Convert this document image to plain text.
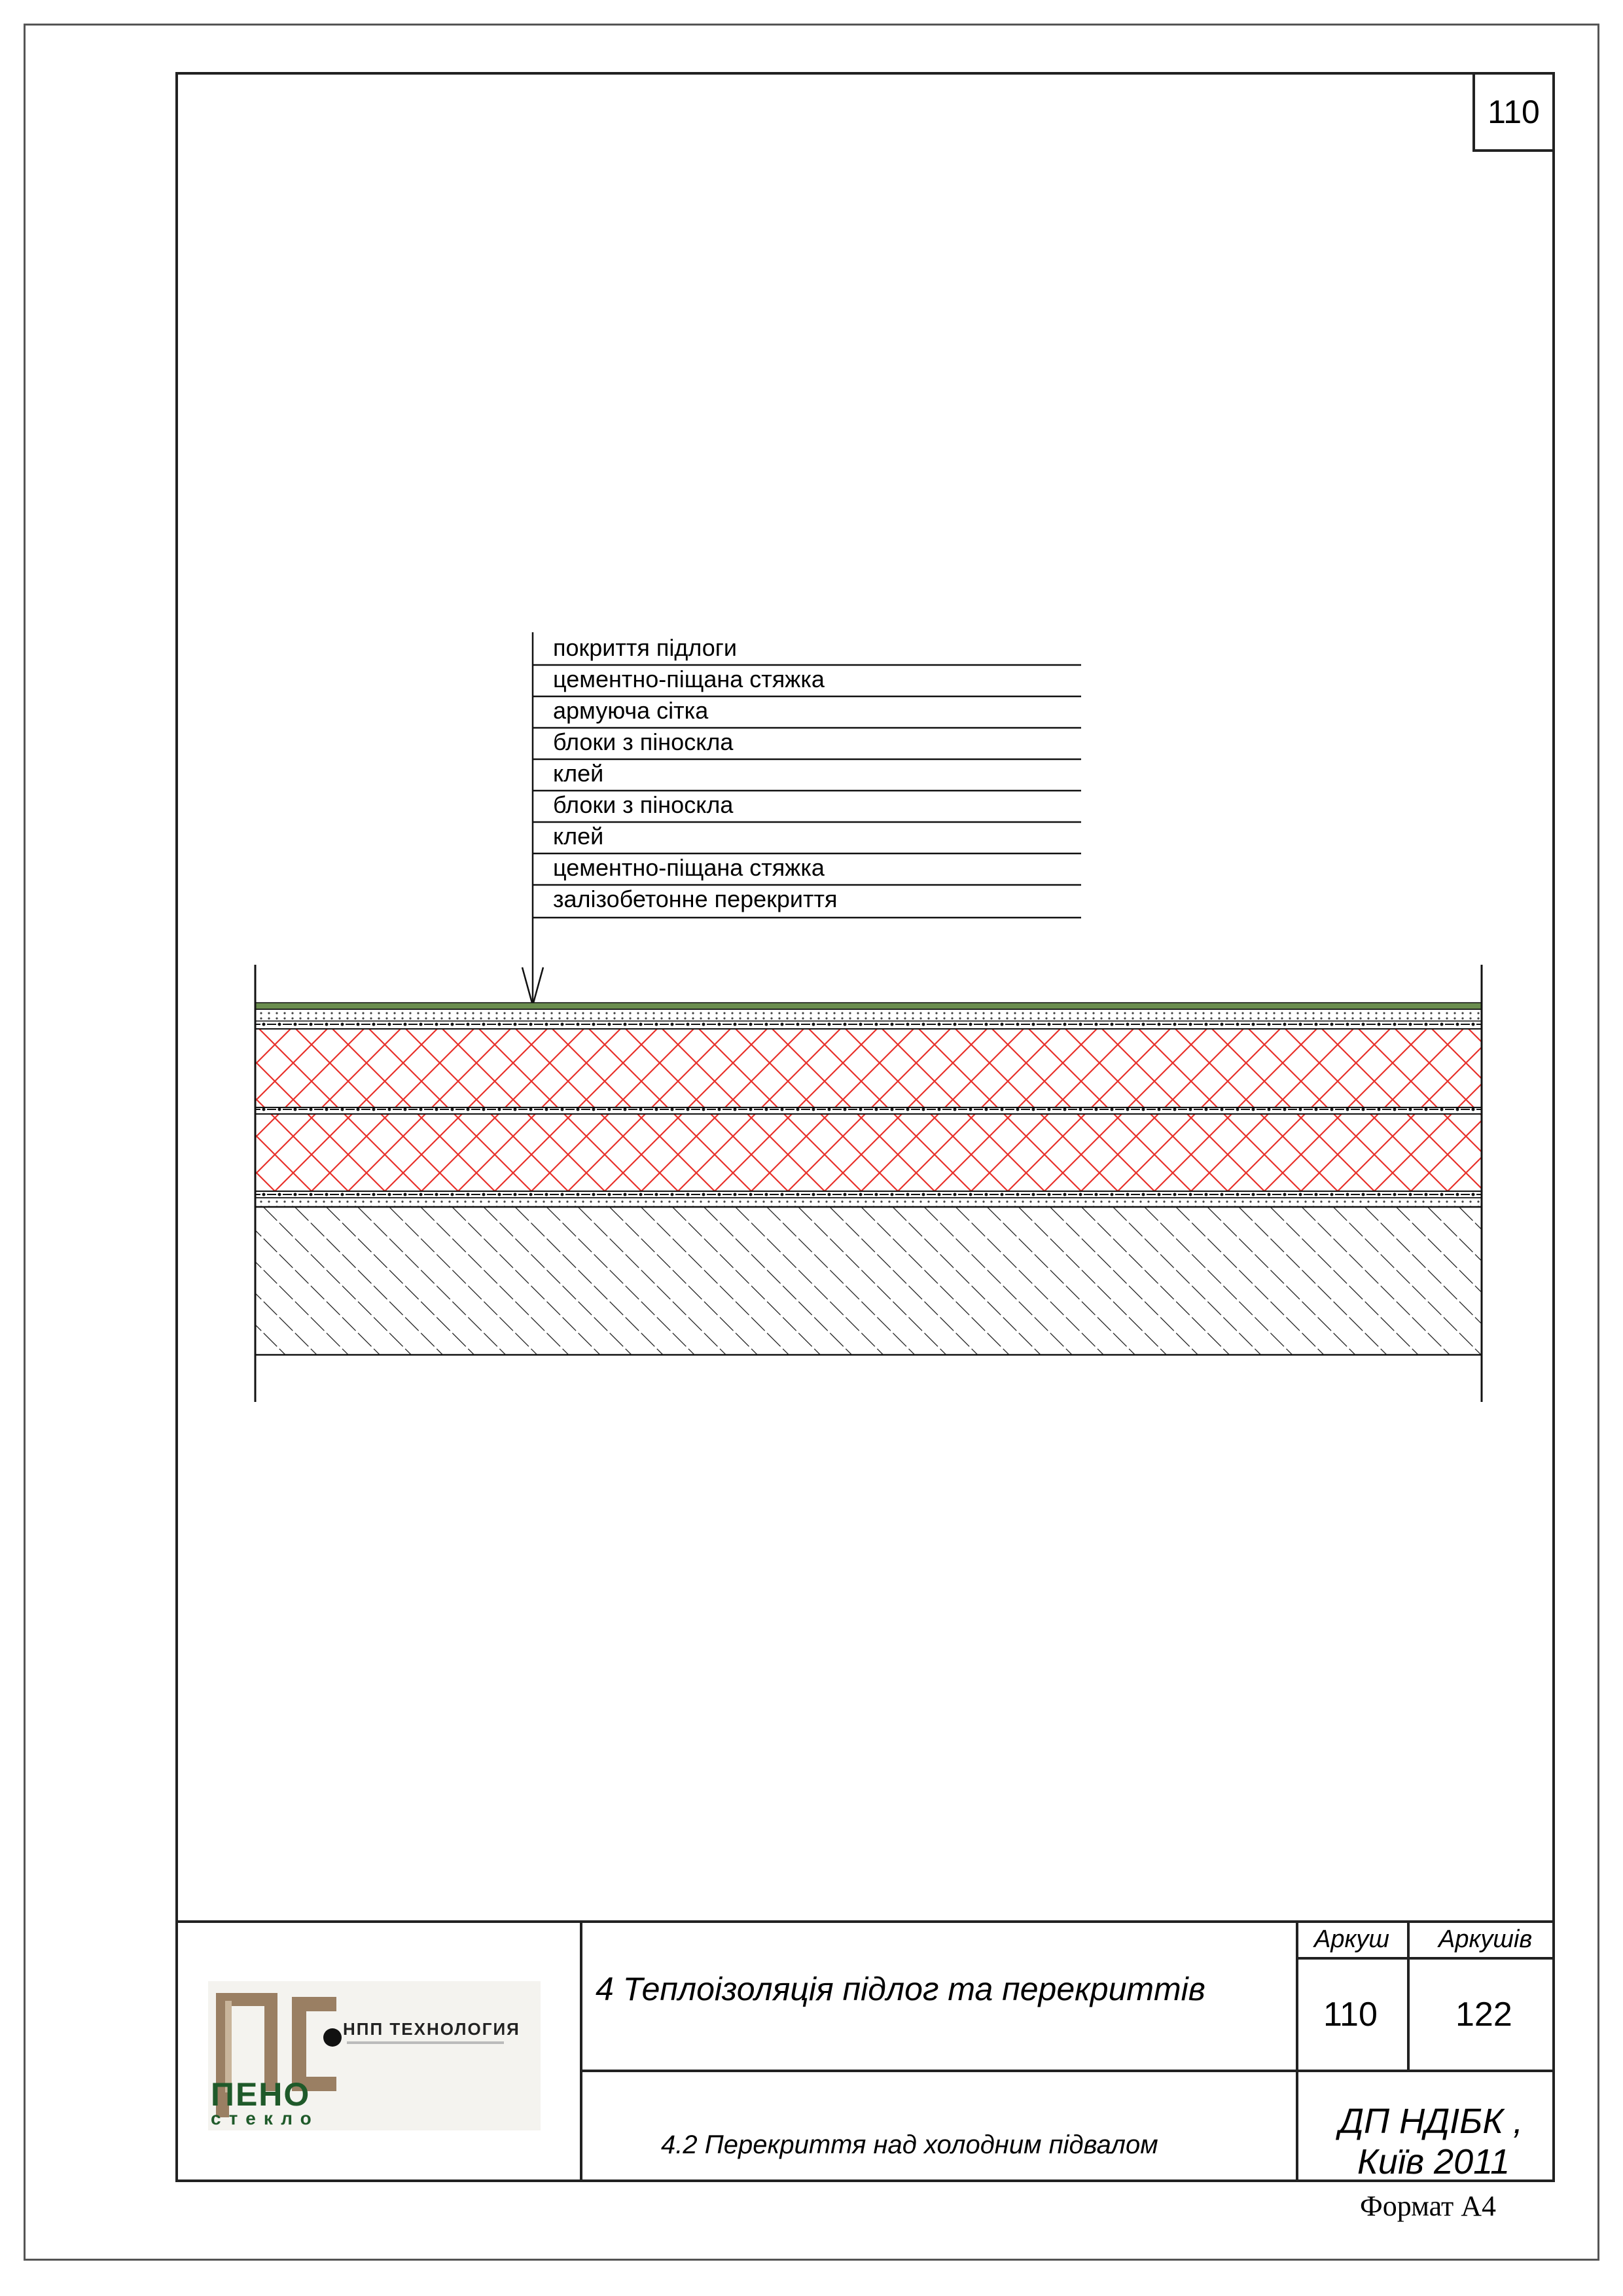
110
покриття підлоги
цементно-піщана стяжка
армуюча сітка
блоки з піноскла
клей
блоки з піноскла
клей
цементно-піщана стяжка
залізобетонне перекриття
4 Теплоізоляція підлог та перекриттів
4.2 Перекриття над холодним підвалом
Аркуш Аркушів
110 122
ДП НДІБК ,
Київ 2011
НПП ТЕХНОЛОГИЯ
ПЕНО
стекло
Формат А4
